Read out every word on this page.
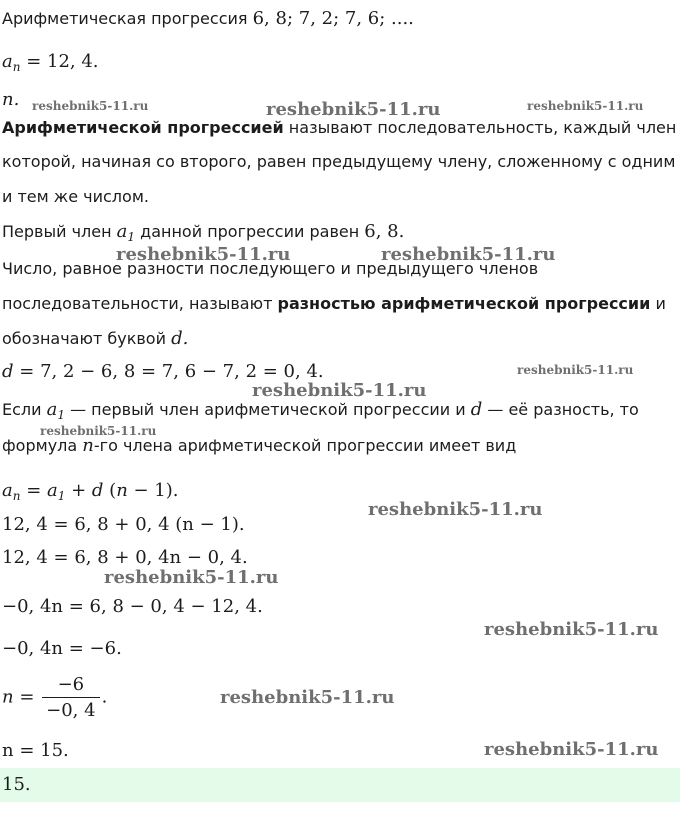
Арифметическая прогрессия 6, 8; 7, 2; 7, 6; ....
$a_n = 12$, 4.
n.
Арифметической прогрессией называют последовательность, каждый член
которой, начиная со второго, равен предыдущему члену, сложенному с одним
и тем же числом.
Первый член $a_1$ данной прогрессии равен 6, 8.
Число, равное разности последующего и предыдущего членов
последовательности, называют разностью арифметической прогрессии и
обозначают буквой d.
d = 7, 2 − 6, 8 = 7, 6 − 7, 2 = 0, 4.
Если $a_1$ — первый член арифметической прогрессии и d — её разность, то
формула n-го члена арифметической прогрессии имеет вид
$a_n = a_1 + d$ (n − 1).
12, 4 = 6, 8 + 0, 4 (n − 1).
12, 4 = 6, 8 + 0, 4n − 0, 4.
−0, 4n = 6, 8 − 0, 4 − 12, 4.
−0, 4n = −6.
$n = \frac{-6}{-0, 4}$ .
n = 15.
15.
reshebnik5-11.ru	reshebnik5-11.ru	reshebnik5-11.ru
reshebnik5-11.ru	reshebnik5-11.ru
reshebnik5-11.ru
reshebnik5-11.ru
reshebnik5-11.ru
reshebnik5-11.ru
reshebnik5-11.ru
reshebnik5-11.ru
reshebnik5-11.ru
reshebnik5-11.ru
